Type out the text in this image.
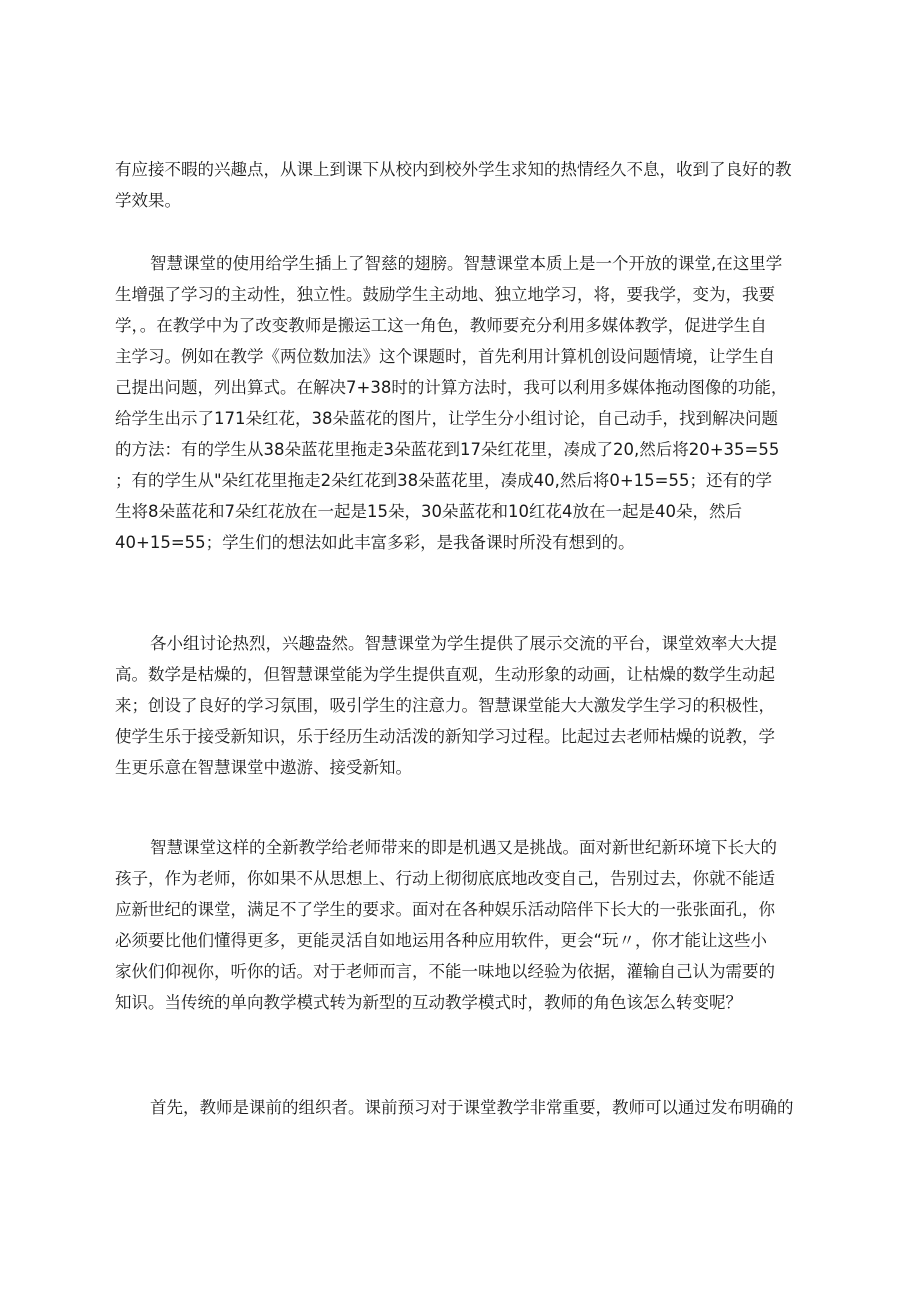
有应接不暇的兴趣点，从课上到课下从校内到校外学生求知的热情经久不息，收到了良好的教
学效果。

智慧课堂的使用给学生插上了智慈的翅膀。智慧课堂本质上是一个开放的课堂,在这里学
生增强了学习的主动性，独立性。鼓励学生主动地、独立地学习，将，要我学，变为，我要
学，。在教学中为了改变教师是搬运工这一角色，教师要充分利用多媒体教学，促进学生自
主学习。例如在教学《两位数加法》这个课题时，首先利用计算机创设问题情境，让学生自
己提出问题，列出算式。在解决7+38时的计算方法时，我可以利用多媒体拖动图像的功能，
给学生出示了171朵红花，38朵蓝花的图片，让学生分小组讨论，自己动手，找到解决问题
的方法：有的学生从38朵蓝花里拖走3朵蓝花到17朵红花里，凑成了20,然后将20+35=55
；有的学生从"朵红花里拖走2朵红花到38朵蓝花里，凑成40,然后将0+15=55；还有的学
生将8朵蓝花和7朵红花放在一起是15朵，30朵蓝花和10红花4放在一起是40朵，然后
40+15=55；学生们的想法如此丰富多彩，是我备课时所没有想到的。

各小组讨论热烈，兴趣盎然。智慧课堂为学生提供了展示交流的平台，课堂效率大大提
高。数学是枯燥的，但智慧课堂能为学生提供直观，生动形象的动画，让枯燥的数学生动起
来；创设了良好的学习氛围，吸引学生的注意力。智慧课堂能大大激发学生学习的积极性，
使学生乐于接受新知识，乐于经历生动活泼的新知学习过程。比起过去老师枯燥的说教，学
生更乐意在智慧课堂中遨游、接受新知。

智慧课堂这样的全新教学给老师带来的即是机遇又是挑战。面对新世纪新环境下长大的
孩子，作为老师，你如果不从思想上、行动上彻彻底底地改变自己，告别过去，你就不能适
应新世纪的课堂，满足不了学生的要求。面对在各种娱乐活动陪伴下长大的一张张面孔，你
必须要比他们懂得更多，更能灵活自如地运用各种应用软件，更会“玩〃，你才能让这些小
家伙们仰视你，听你的话。对于老师而言，不能一味地以经验为依据，灌输自己认为需要的
知识。当传统的单向教学模式转为新型的互动教学模式时，教师的角色该怎么转变呢？

首先，教师是课前的组织者。课前预习对于课堂教学非常重要，教师可以通过发布明确的
